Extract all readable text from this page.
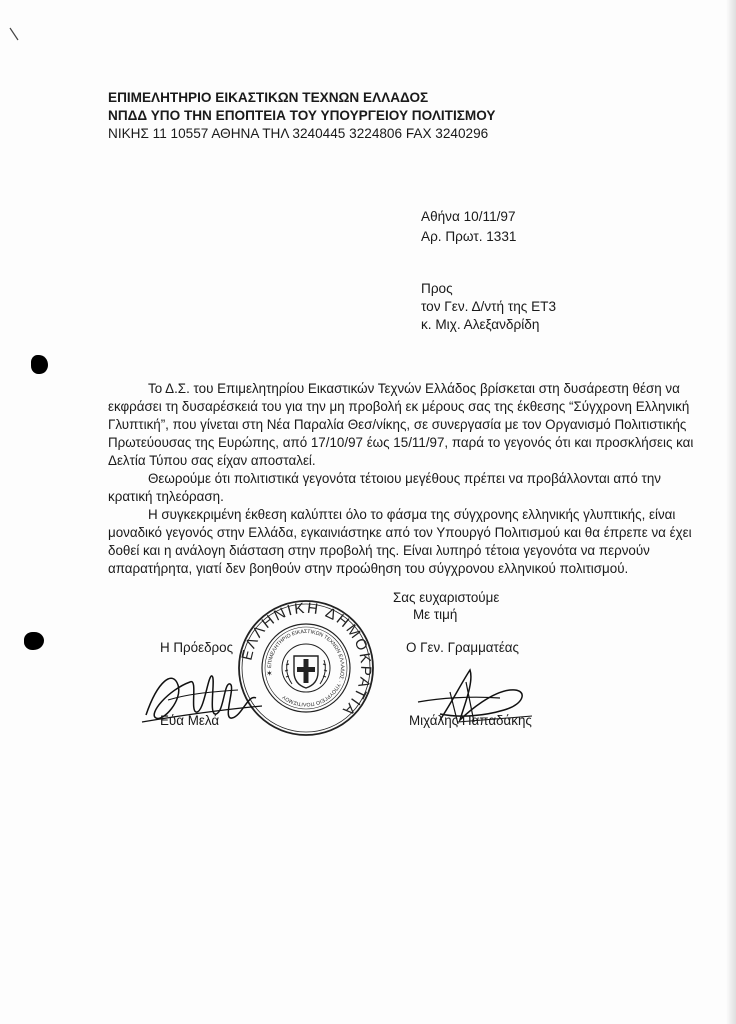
ΕΠΙΜΕΛΗΤΗΡΙΟ ΕΙΚΑΣΤΙΚΩΝ ΤΕΧΝΩΝ ΕΛΛΑΔΟΣ
ΝΠΔΔ ΥΠΟ ΤΗΝ ΕΠΟΠΤΕΙΑ ΤΟΥ ΥΠΟΥΡΓΕΙΟΥ ΠΟΛΙΤΙΣΜΟΥ
ΝΙΚΗΣ 11 10557 ΑΘΗΝΑ ΤΗΛ 3240445 3224806 FAX 3240296
Αθήνα 10/11/97
Αρ. Πρωτ. 1331
Προς
τον Γεν. Δ/ντή της ΕΤ3
κ. Μιχ. Αλεξανδρίδη

Το Δ.Σ. του Επιμελητηρίου Εικαστικών Τεχνών Ελλάδος βρίσκεται στη δυσάρεστη θέση να εκφράσει τη δυσαρέσκειά του για την μη προβολή εκ μέρους σας της έκθεσης “Σύγχρονη Ελληνική Γλυπτική”, που γίνεται στη Νέα Παραλία Θεσ/νίκης, σε συνεργασία με τον Οργανισμό Πολιτιστικής Πρωτεύουσας της Ευρώπης, από 17/10/97 έως 15/11/97, παρά το γεγονός ότι και προσκλήσεις και Δελτία Τύπου σας είχαν αποσταλεί.

Θεωρούμε ότι πολιτιστικά γεγονότα τέτοιου μεγέθους πρέπει να προβάλλονται από την κρατική τηλεόραση.

Η συγκεκριμένη έκθεση καλύπτει όλο το φάσμα της σύγχρονης ελληνικής γλυπτικής, είναι μοναδικό γεγονός στην Ελλάδα, εγκαινιάστηκε από τον Υπουργό Πολιτισμού και θα έπρεπε να έχει δοθεί και η ανάλογη διάσταση στην προβολή της. Είναι λυπηρό τέτοια γεγονότα να περνούν απαρατήρητα, γιατί δεν βοηθούν στην προώθηση του σύγχρονου ελληνικού πολιτισμού.

Σας ευχαριστούμε
Με τιμή
Η Πρόεδρος	Ο Γεν. Γραμματέας
ΕΛΛΗΝΙΚΗ ΔΗΜΟΚΡΑΤΙΑ
ΕΠΙΜΕΛΗΤΗΡΙΟ ΕΙΚΑΣΤΙΚΩΝ ΤΕΧΝΩΝ ΕΛΛΑΔΟΣ · ΥΠΟΥΡΓΕΙΟ ΠΟΛΙΤΙΣΜΟΥ
✶
Εύα Μελά	Μιχάλης Παπαδάκης
